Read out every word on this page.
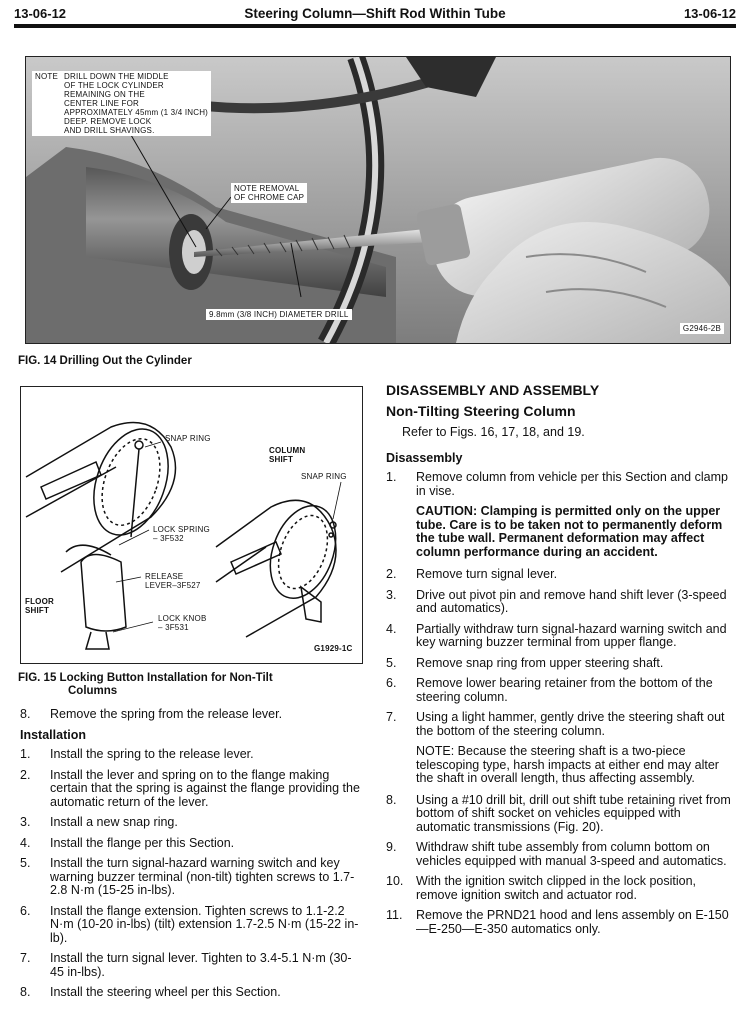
13-06-12	Steering Column—Shift Rod Within Tube	13-06-12
NOTE DRILL DOWN THE MIDDLE
OF THE LOCK CYLINDER
REMAINING ON THE
CENTER LINE FOR
APPROXIMATELY 45mm (1 3/4 INCH)
DEEP. REMOVE LOCK
AND DRILL SHAVINGS.
NOTE REMOVAL
OF CHROME CAP
9.8mm (3/8 INCH) DIAMETER DRILL
G2946-2B
FIG. 14 Drilling Out the Cylinder
SNAP RING
COLUMN
SHIFT
SNAP RING
LOCK SPRING
– 3F532
RELEASE
LEVER–3F527
FLOOR
SHIFT
LOCK KNOB
– 3F531
G1929-1C
FIG. 15 Locking Button Installation for Non-Tilt
Columns
8.	Remove the spring from the release lever.
Installation
1.	Install the spring to the release lever.
2.	Install the lever and spring on to the flange making certain that the spring is against the flange providing the automatic return of the lever.
3.	Install a new snap ring.
4.	Install the flange per this Section.
5.	Install the turn signal-hazard warning switch and key warning buzzer terminal (non-tilt) tighten screws to 1.7-2.8 N·m (15-25 in-lbs).
6.	Install the flange extension. Tighten screws to 1.1-2.2 N·m (10-20 in-lbs) (tilt) extension 1.7-2.5 N·m (15-22 in-lb).
7.	Install the turn signal lever. Tighten to 3.4-5.1 N·m (30-45 in-lbs).
8.	Install the steering wheel per this Section.
DISASSEMBLY AND ASSEMBLY
Non-Tilting Steering Column
Refer to Figs. 16, 17, 18, and 19.
Disassembly
1.	Remove column from vehicle per this Section and clamp in vise.
CAUTION: Clamping is permitted only on the upper tube. Care is to be taken not to permanently deform the tube wall. Permanent deformation may affect column performance during an accident.
2.	Remove turn signal lever.
3.	Drive out pivot pin and remove hand shift lever (3-speed and automatics).
4.	Partially withdraw turn signal-hazard warning switch and key warning buzzer terminal from upper flange.
5.	Remove snap ring from upper steering shaft.
6.	Remove lower bearing retainer from the bottom of the steering column.
7.	Using a light hammer, gently drive the steering shaft out the bottom of the steering column.
NOTE: Because the steering shaft is a two-piece telescoping type, harsh impacts at either end may alter the shaft in overall length, thus affecting assembly.
8.	Using a #10 drill bit, drill out shift tube retaining rivet from bottom of shift socket on vehicles equipped with automatic transmissions (Fig. 20).
9.	Withdraw shift tube assembly from column bottom on vehicles equipped with manual 3-speed and automatics.
10.	With the ignition switch clipped in the lock position, remove ignition switch and actuator rod.
11.	Remove the PRND21 hood and lens assembly on E-150—E-250—E-350 automatics only.
